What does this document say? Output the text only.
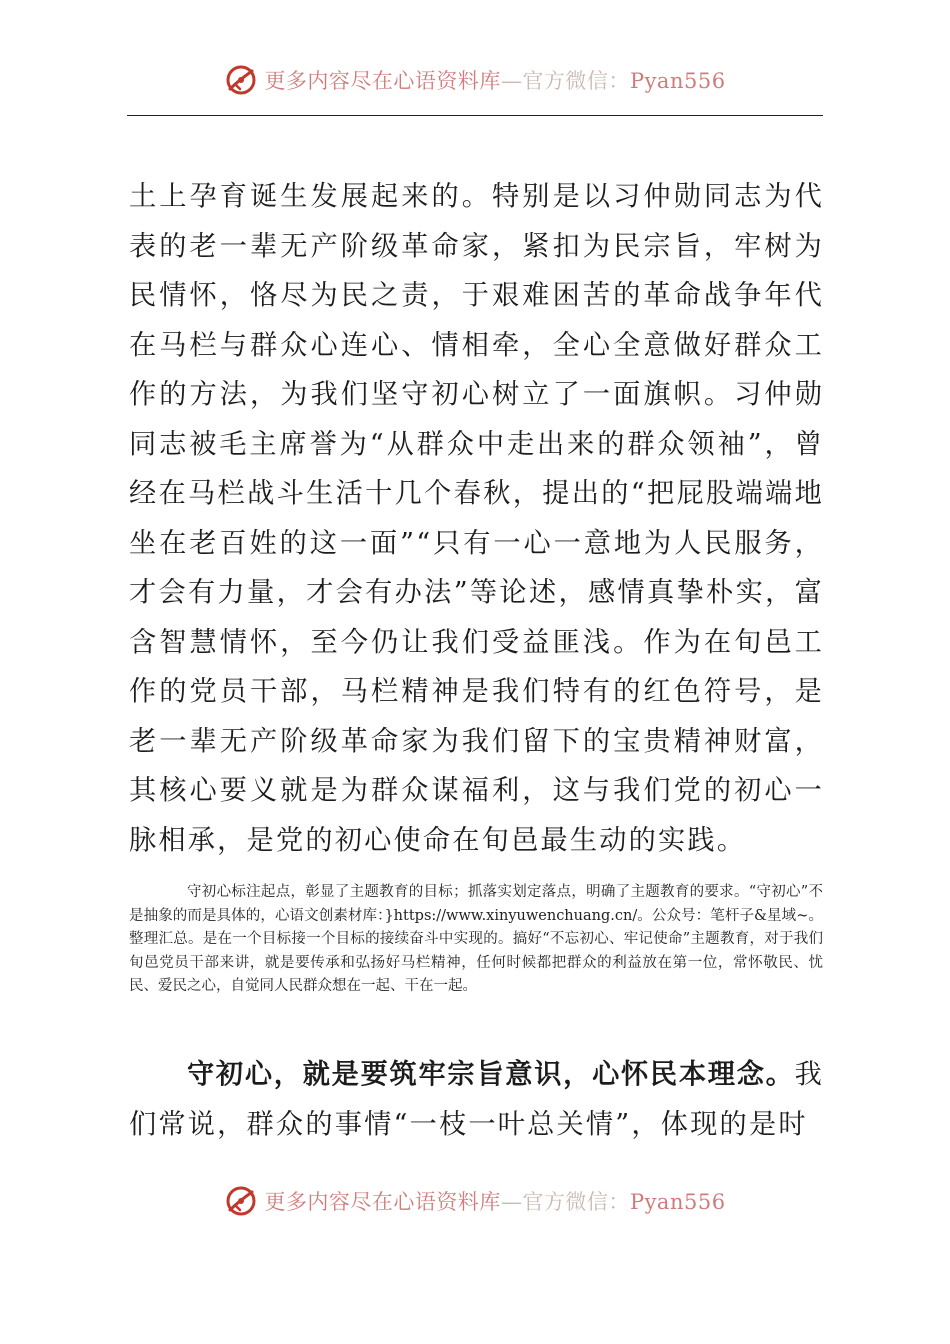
更多内容尽在心语资料库—官方微信：Pyan556
土上孕育诞生发展起来的。特别是以习仲勋同志为代表的老一辈无产阶级革命家，紧扣为民宗旨，牢树为民情怀，恪尽为民之责，于艰难困苦的革命战争年代在马栏与群众心连心、情相牵，全心全意做好群众工作的方法，为我们坚守初心树立了一面旗帜。习仲勋同志被毛主席誉为“从群众中走出来的群众领袖”，曾经在马栏战斗生活十几个春秋，提出的“把屁股端端地坐在老百姓的这一面”“只有一心一意地为人民服务，才会有力量，才会有办法”等论述，感情真挚朴实，富含智慧情怀，至今仍让我们受益匪浅。作为在旬邑工作的党员干部，马栏精神是我们特有的红色符号，是老一辈无产阶级革命家为我们留下的宝贵精神财富，其核心要义就是为群众谋福利，这与我们党的初心一脉相承，是党的初心使命在旬邑最生动的实践。
守初心标注起点，彰显了主题教育的目标；抓落实划定落点，明确了主题教育的要求。“守初心”不是抽象的而是具体的，心语文创素材库：}https://www.xinyuwenchuang.cn/。公众号：笔杆子&星域~。整理汇总。是在一个目标接一个目标的接续奋斗中实现的。搞好“不忘初心、牢记使命”主题教育，对于我们旬邑党员干部来讲，就是要传承和弘扬好马栏精神，任何时候都把群众的利益放在第一位，常怀敬民、忧民、爱民之心，自觉同人民群众想在一起、干在一起。
守初心，就是要筑牢宗旨意识，心怀民本理念。我们常说，群众的事情“一枝一叶总关情”，体现的是时
更多内容尽在心语资料库—官方微信：Pyan556
